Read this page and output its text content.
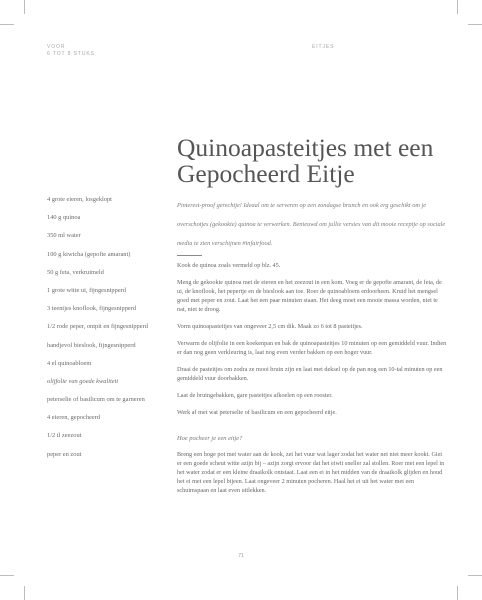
VOOR
6 TOT 8 STUKS
EITJES
Quinoapasteitjes met een Gepocheerd Eitje
4 grote eieren, losgeklopt
140 g quinoa
350 ml water
100 g kiwicha (gepofte amarant)
50 g feta, verkruimeld
1 grote witte ui, fijngesnipperd
3 teentjes knoflook, fijngesnipperd
1/2 rode peper, ontpit en fijngesnipperd
handjevol bieslook, fijngesnipperd
4 el quinoabloem
olijfolie van goede kwaliteit
peterselie of basilicum om te garneren
4 eieren, gepocheerd
1/2 tl zeezout
peper en zout

Pinterest-proof gerechtje! Ideaal om te serveren op een zondagse brunch en ook erg geschikt om je overschotjes (gekookte) quinoa te verwerken. Benieuwd om jullie versies van dit mooie receptje op sociale media te zien verschijnen #infairfood.

Kook de quinoa zoals vermeld op blz. 45.

Meng de gekookte quinoa met de eieren en het zeezout in een kom. Voeg er de gepofte amarant, de feta, de ui, de knoflook, het pepertje en de bieslook aan toe. Roer de quinoabloem erdoorheen. Kruid het mengsel goed met peper en zout. Laat het een paar minuten staan. Het deeg moet een mooie massa worden, niet te nat, niet te droog.

Vorm quinoapasteitjes van ongeveer 2,5 cm dik. Maak zo 6 tot 8 pasteitjes.

Verwarm de olijfolie in een koekenpan en bak de quinoapasteitjes 10 minuten op een gemiddeld vuur. Indien er dan nog geen verkleuring is, laat nog even verder bakken op een hoger vuur.

Draai de pasteitjes om zodra ze mooi bruin zijn en laat met deksel op de pan nog een 10-tal minuten op een gemiddeld vuur doorbakken.

Laat de bruingebakken, gare pasteitjes afkoelen op een rooster.

Werk af met wat peterselie of basilicum en een gepocheerd eitje.

Hoe pocheer je een eitje?

Breng een hoge pot met water aan de kook, zet het vuur wat lager zodat het water net niet meer kookt. Giet er een goede scheut witte azijn bij – azijn zorgt ervoor dat het eiwit sneller zal stollen. Roer met een lepel in het water zodat er een kleine draaikolk ontstaat. Laat een ei in het midden van de draaikolk glijden en houd het ei met een lepel bijeen. Laat ongeveer 2 minuten pocheren. Haal het ei uit het water met een schuimspaan en laat even uitlekken.

71
